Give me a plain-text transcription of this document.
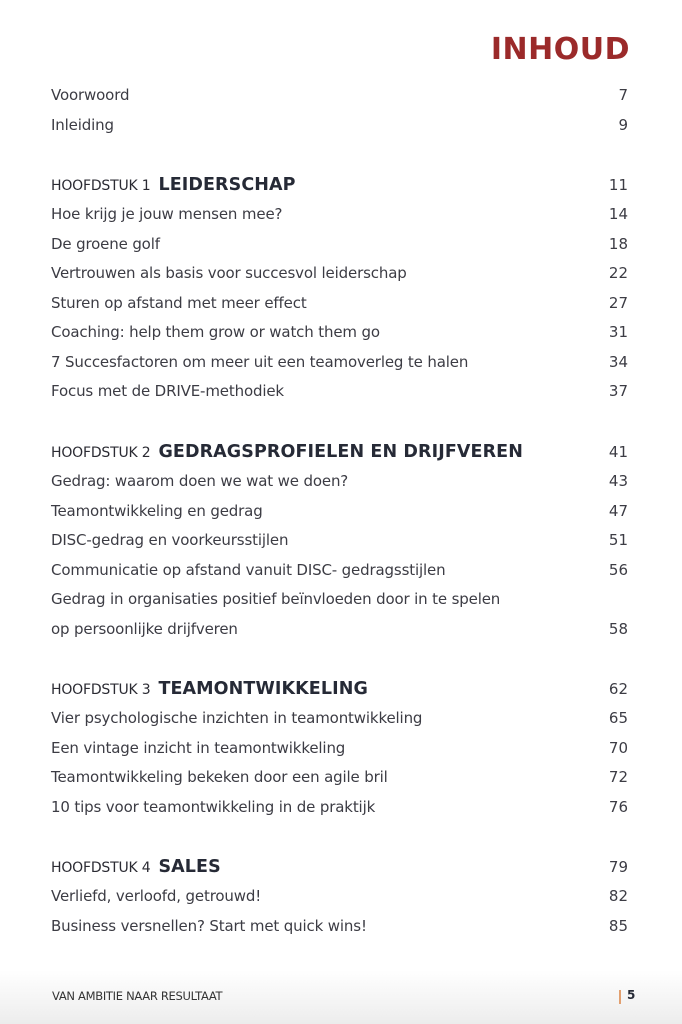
INHOUD
Voorwoord	7
Inleiding	9
HOOFDSTUK 1 LEIDERSCHAP	11
Hoe krijg je jouw mensen mee?	14
De groene golf	18
Vertrouwen als basis voor succesvol leiderschap	22
Sturen op afstand met meer effect	27
Coaching: help them grow or watch them go	31
7 Succesfactoren om meer uit een teamoverleg te halen	34
Focus met de DRIVE-methodiek	37
HOOFDSTUK 2 GEDRAGSPROFIELEN EN DRIJFVEREN	41
Gedrag: waarom doen we wat we doen?	43
Teamontwikkeling en gedrag	47
DISC-gedrag en voorkeursstijlen	51
Communicatie op afstand vanuit DISC- gedragsstijlen	56
Gedrag in organisaties positief beïnvloeden door in te spelen
op persoonlijke drijfveren	58
HOOFDSTUK 3 TEAMONTWIKKELING	62
Vier psychologische inzichten in teamontwikkeling	65
Een vintage inzicht in teamontwikkeling	70
Teamontwikkeling bekeken door een agile bril	72
10 tips voor teamontwikkeling in de praktijk	76
HOOFDSTUK 4 SALES	79
Verliefd, verloofd, getrouwd!	82
Business versnellen? Start met quick wins!	85
VAN AMBITIE NAAR RESULTAAT	5
